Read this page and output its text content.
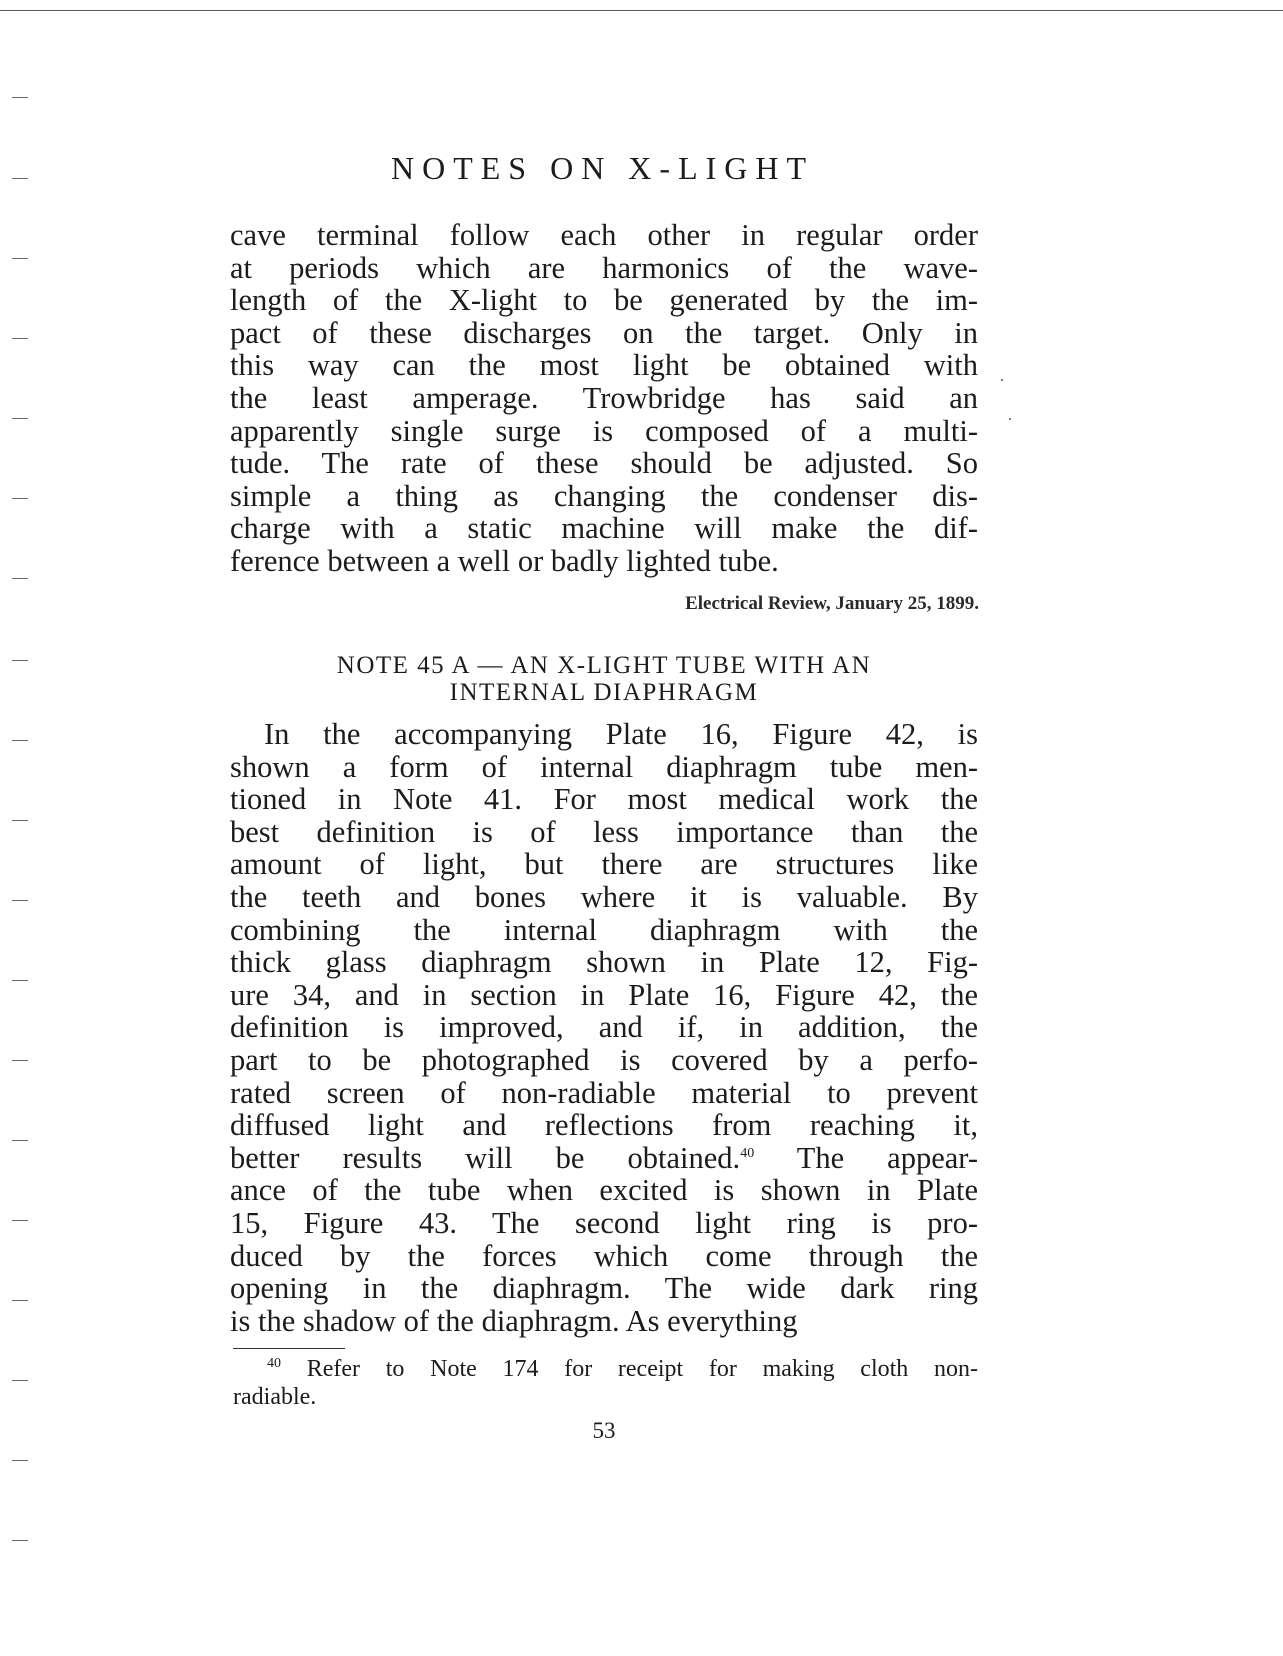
NOTES ON X-LIGHT

cave terminal follow each other in regular order
at periods which are harmonics of the wave-
length of the X-light to be generated by the im-
pact of these discharges on the target. Only in
this way can the most light be obtained with
the least amperage. Trowbridge has said an
apparently single surge is composed of a multi-
tude. The rate of these should be adjusted. So
simple a thing as changing the condenser dis-
charge with a static machine will make the dif-
ference between a well or badly lighted tube.

Electrical Review, January 25, 1899.

NOTE 45 A — AN X-LIGHT TUBE WITH AN
INTERNAL DIAPHRAGM

In the accompanying Plate 16, Figure 42, is
shown a form of internal diaphragm tube men-
tioned in Note 41. For most medical work the
best definition is of less importance than the
amount of light, but there are structures like
the teeth and bones where it is valuable. By
combining the internal diaphragm with the
thick glass diaphragm shown in Plate 12, Fig-
ure 34, and in section in Plate 16, Figure 42, the
definition is improved, and if, in addition, the
part to be photographed is covered by a perfo-
rated screen of non-radiable material to prevent
diffused light and reflections from reaching it,
better results will be obtained.$^{40}$ The appear-
ance of the tube when excited is shown in Plate
15, Figure 43. The second light ring is pro-
duced by the forces which come through the
opening in the diaphragm. The wide dark ring
is the shadow of the diaphragm. As everything

$^{40}$ Refer to Note 174 for receipt for making cloth non-
radiable.

53
